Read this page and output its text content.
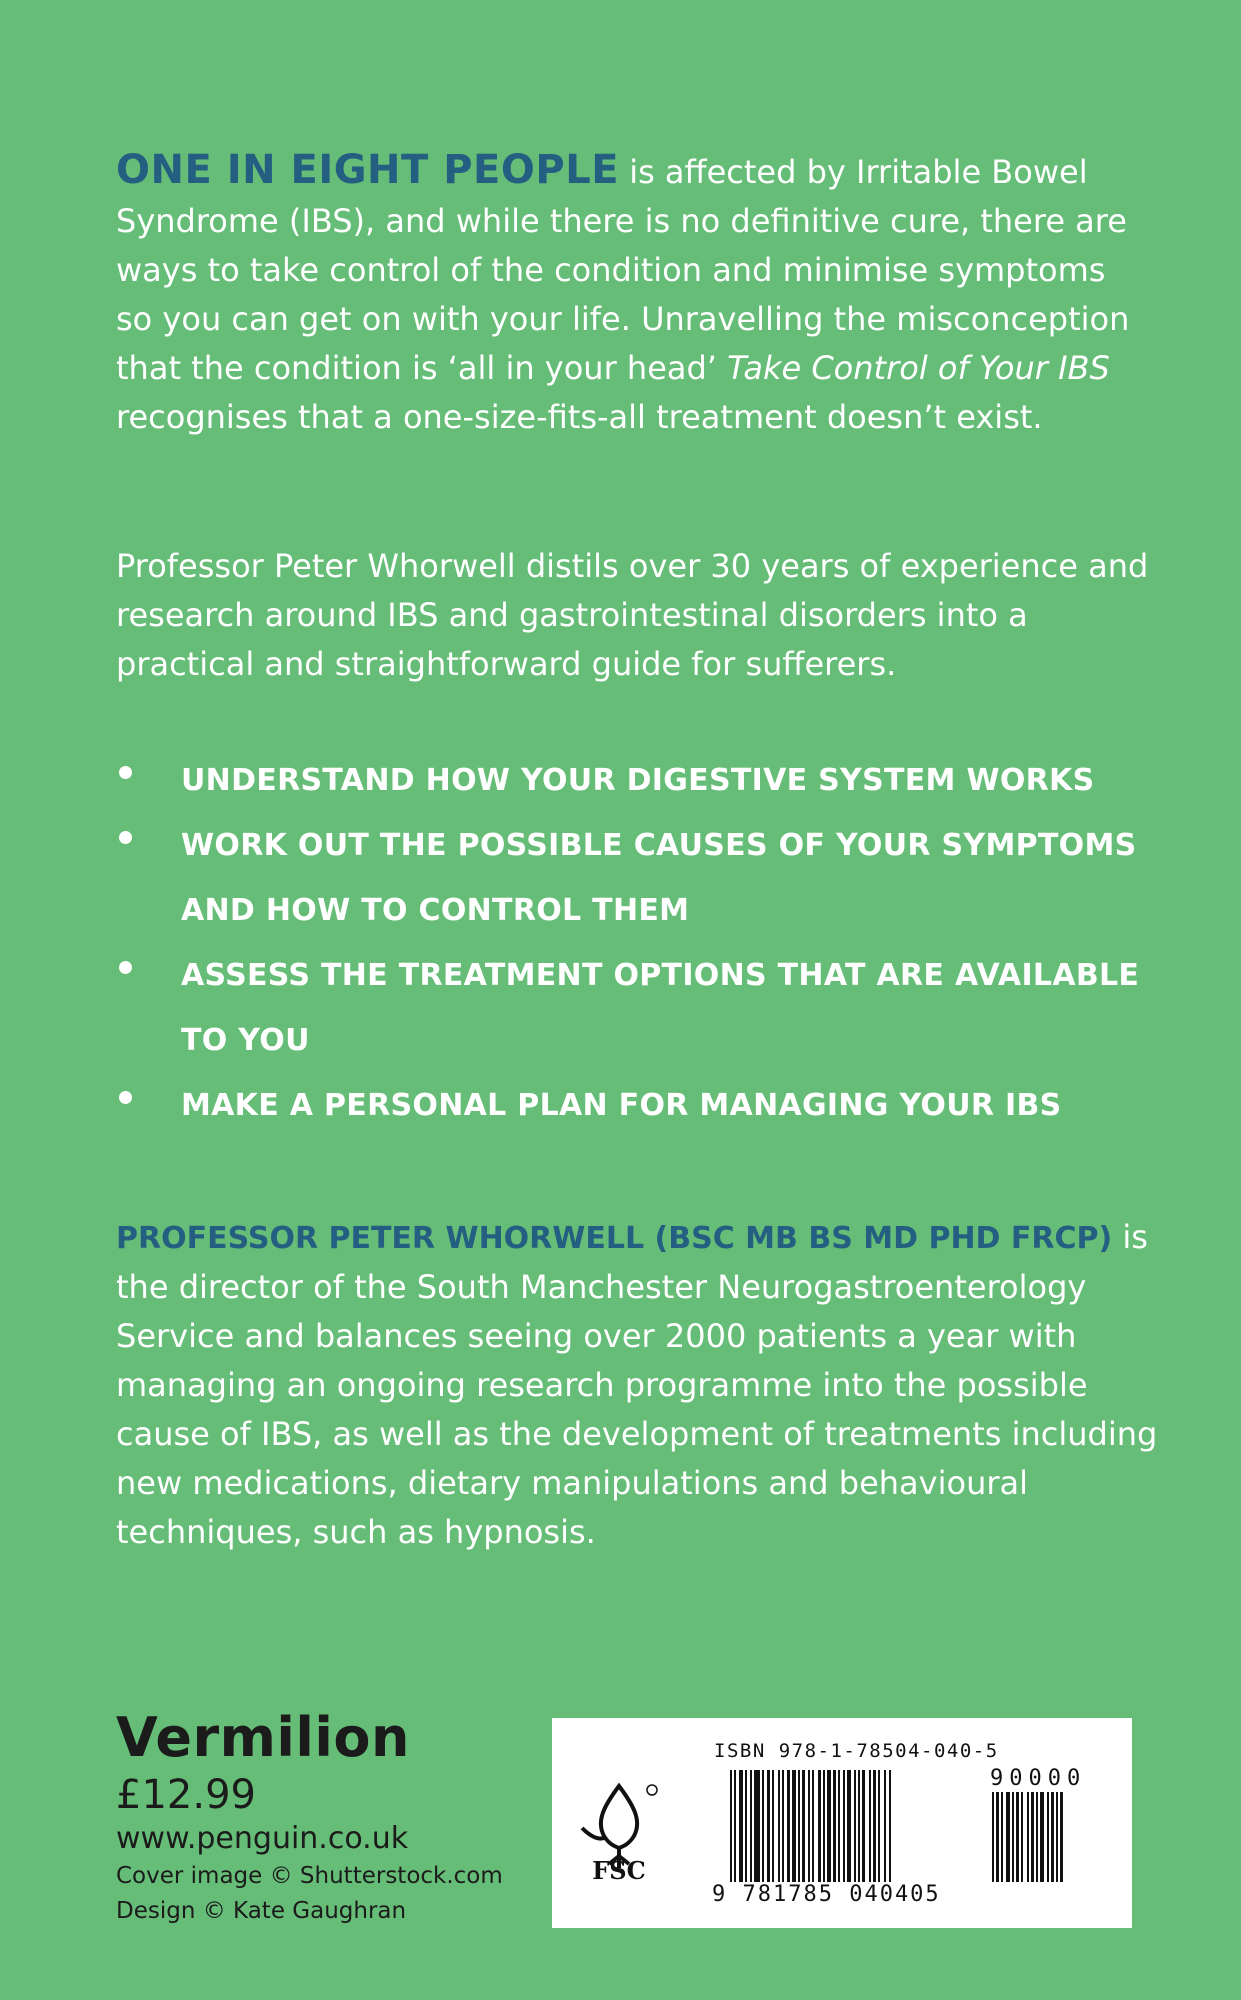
ONE IN EIGHT PEOPLE is affected by Irritable Bowel Syndrome (IBS), and while there is no definitive cure, there are ways to take control of the condition and minimise symptoms so you can get on with your life. Unravelling the misconception that the condition is ‘all in your head’ Take Control of Your IBS recognises that a one-size-fits-all treatment doesn’t exist.

Professor Peter Whorwell distils over 30 years of experience and research around IBS and gastrointestinal disorders into a practical and straightforward guide for sufferers.

UNDERSTAND HOW YOUR DIGESTIVE SYSTEM WORKS
WORK OUT THE POSSIBLE CAUSES OF YOUR SYMPTOMS AND HOW TO CONTROL THEM
ASSESS THE TREATMENT OPTIONS THAT ARE AVAILABLE TO YOU
MAKE A PERSONAL PLAN FOR MANAGING YOUR IBS

PROFESSOR PETER WHORWELL (BSC MB BS MD PHD FRCP) is the director of the South Manchester Neurogastroenterology Service and balances seeing over 2000 patients a year with managing an ongoing research programme into the possible cause of IBS, as well as the development of treatments including new medications, dietary manipulations and behavioural techniques, such as hypnosis.

Vermilion
£12.99
www.penguin.co.uk
Cover image © Shutterstock.com
Design © Kate Gaughran
ISBN 978-1-78504-040-5
FSC
90000
9 781785 040405
